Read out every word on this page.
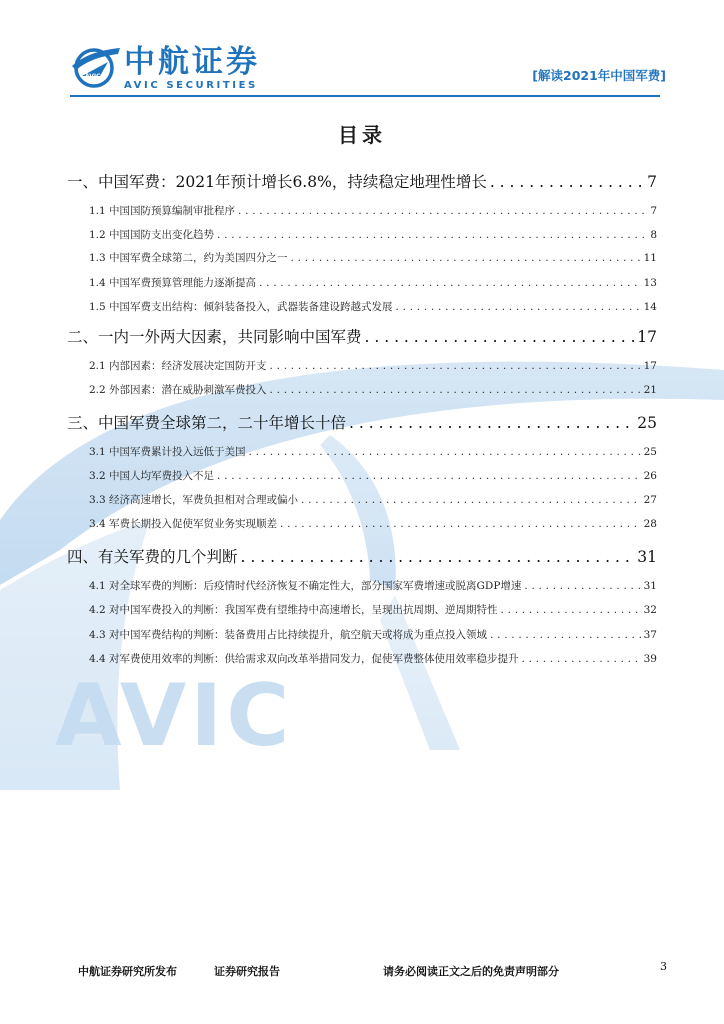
AVIC
AVIC 中航证券
AVIC SECURITIES
[解读2021年中国军费]
目录
一、中国军费：2021年预计增长6.8%，持续稳定地理性增长 . . .	7
1.1 中国国防预算编制审批程序 . . .	7
1.2 中国国防支出变化趋势 . . .	8
1.3 中国军费全球第二，约为美国四分之一 . . .	11
1.4 中国军费预算管理能力逐渐提高 . . .	13
1.5 中国军费支出结构：倾斜装备投入，武器装备建设跨越式发展 . . .	14
二、一内一外两大因素，共同影响中国军费 . . .	17
2.1 内部因素：经济发展决定国防开支 . . .	17
2.2 外部因素：潜在威胁刺激军费投入 . . .	21
三、中国军费全球第二，二十年增长十倍 . . .	25
3.1 中国军费累计投入远低于美国 . . .	25
3.2 中国人均军费投入不足 . . .	26
3.3 经济高速增长，军费负担相对合理或偏小 . . .	27
3.4 军费长期投入促使军贸业务实现顺差 . . .	28
四、有关军费的几个判断 . . .	31
4.1 对全球军费的判断：后疫情时代经济恢复不确定性大，部分国家军费增速或脱离GDP增速 . . .	31
4.2 对中国军费投入的判断：我国军费有望维持中高速增长，呈现出抗周期、逆周期特性 . . .	32
4.3 对中国军费结构的判断：装备费用占比持续提升，航空航天或将成为重点投入领域 . . .	37
4.4 对军费使用效率的判断：供给需求双向改革举措同发力，促使军费整体使用效率稳步提升 . . .	39
中航证券研究所发布	证券研究报告	请务必阅读正文之后的免责声明部分	3
